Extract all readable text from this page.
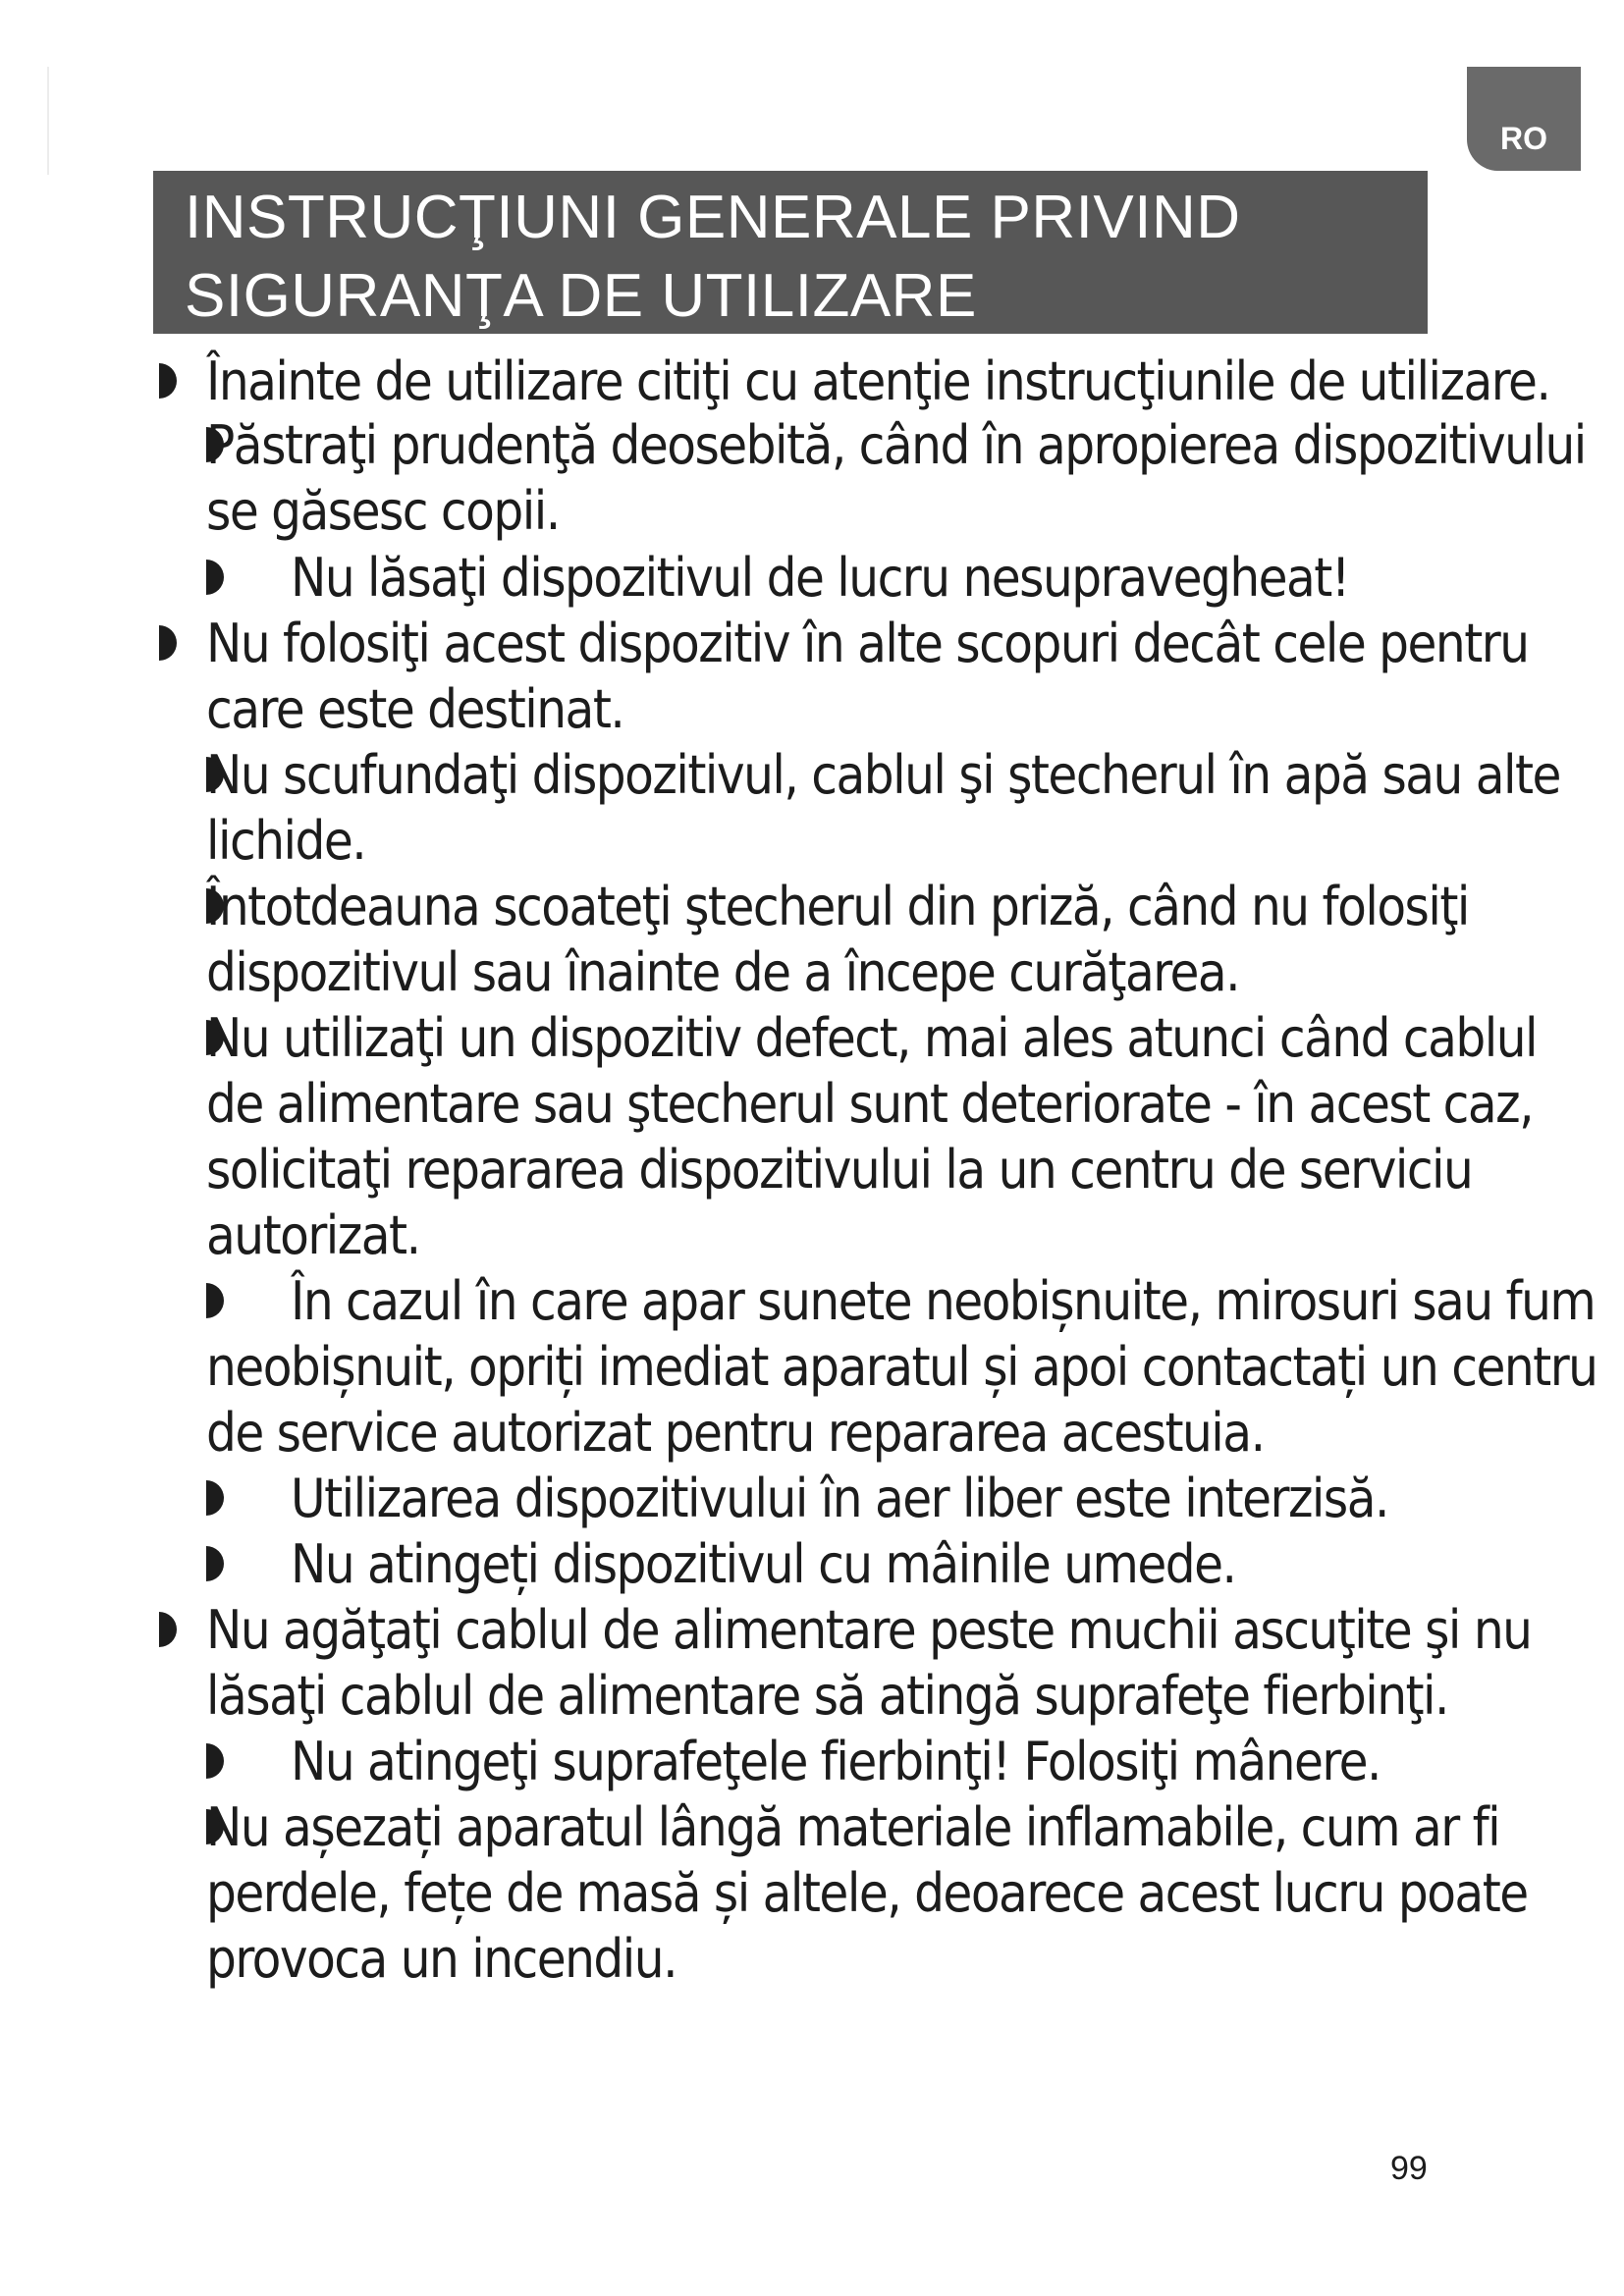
RO
INSTRUCŢIUNI GENERALE PRIVIND
SIGURANŢA DE UTILIZARE
Înainte de utilizare citiţi cu atenţie instrucţiunile de utilizare.
Păstraţi prudenţă deosebită, când în apropierea dispozitivului
se găsesc copii.
Nu lăsaţi dispozitivul de lucru nesupravegheat!
Nu folosiţi acest dispozitiv în alte scopuri decât cele pentru
care este destinat.
Nu scufundaţi dispozitivul, cablul şi ştecherul în apă sau alte
lichide.
Întotdeauna scoateţi ştecherul din priză, când nu folosiţi
dispozitivul sau înainte de a începe curăţarea.
Nu utilizaţi un dispozitiv defect, mai ales atunci când cablul
de alimentare sau ştecherul sunt deteriorate - în acest caz,
solicitaţi repararea dispozitivului la un centru de serviciu
autorizat.
În cazul în care apar sunete neobișnuite, mirosuri sau fum
neobișnuit, opriți imediat aparatul și apoi contactați un centru
de service autorizat pentru repararea acestuia.
Utilizarea dispozitivului în aer liber este interzisă.
Nu atingeți dispozitivul cu mâinile umede.
Nu agăţaţi cablul de alimentare peste muchii ascuţite şi nu
lăsaţi cablul de alimentare să atingă suprafeţe fierbinţi.
Nu atingeţi suprafeţele fierbinţi! Folosiţi mânere.
Nu așezați aparatul lângă materiale inflamabile, cum ar fi
perdele, fețe de masă și altele, deoarece acest lucru poate
provoca un incendiu.
99
